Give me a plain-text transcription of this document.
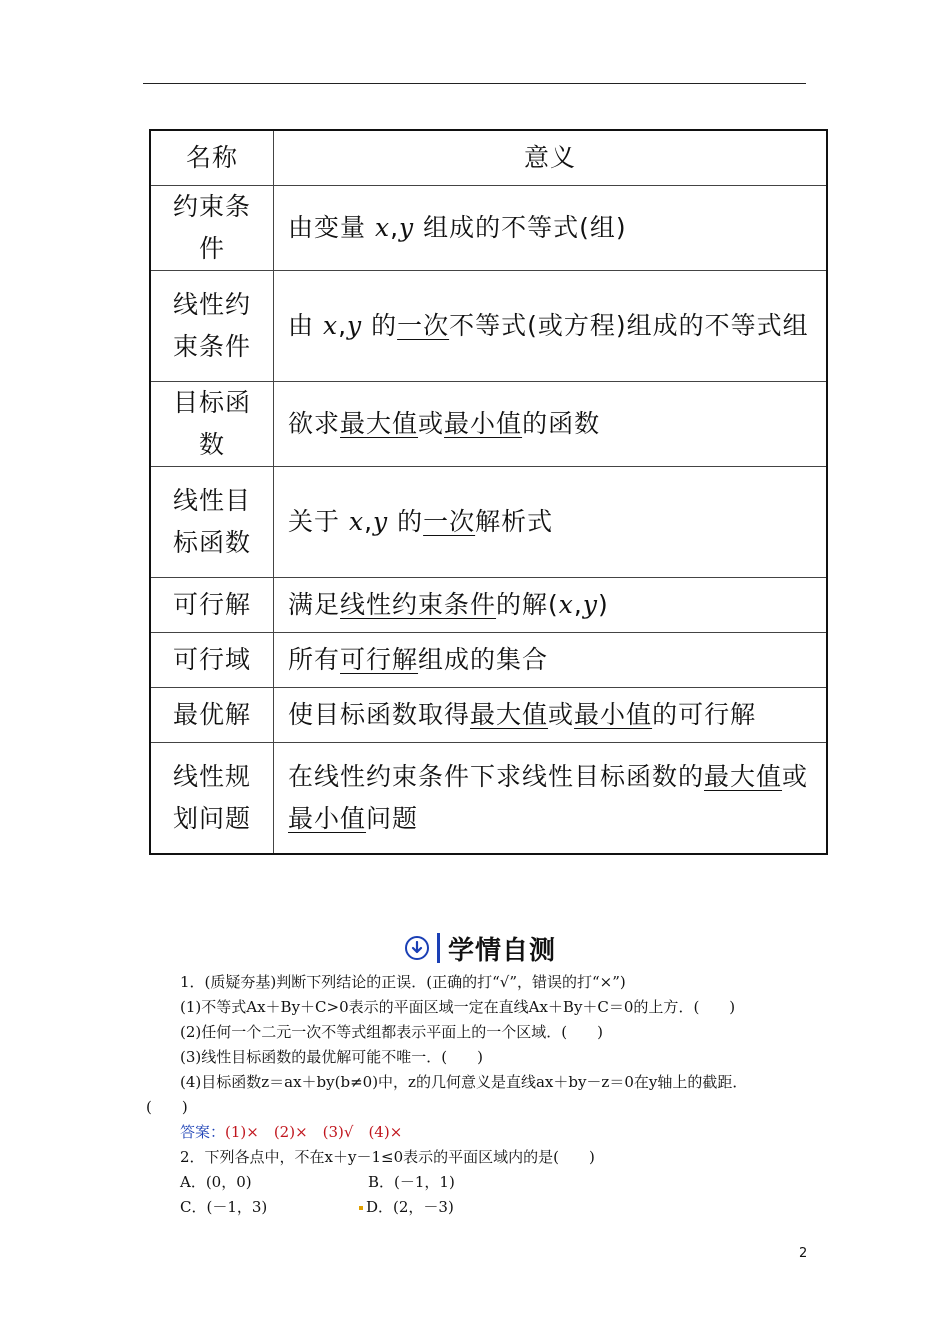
名称	意义
约束条件	由变量 x,y 组成的不等式(组)
线性约束条件	由 x,y 的一次不等式(或方程)组成的不等式组
目标函数	欲求最大值或最小值的函数
线性目标函数	关于 x,y 的一次解析式
可行解	满足线性约束条件的解(x,y)
可行域	所有可行解组成的集合
最优解	使目标函数取得最大值或最小值的可行解
线性规划问题	在线性约束条件下求线性目标函数的最大值或最小值问题
学情自测
1．(质疑夯基)判断下列结论的正误．(正确的打“√”，错误的打“×”)
(1)不等式Ax＋By＋C>0表示的平面区域一定在直线Ax＋By＋C＝0的上方．(　　)
(2)任何一个二元一次不等式组都表示平面上的一个区域．(　　)
(3)线性目标函数的最优解可能不唯一．(　　)
(4)目标函数z＝ax＋by(b≠0)中，z的几何意义是直线ax＋by－z＝0在y轴上的截距．
(　　)
答案：(1)×　(2)×　(3)√　(4)×
2．下列各点中，不在x＋y－1≤0表示的平面区域内的是(　　)
A．(0，0)	B．(－1，1)
C．(－1，3)	D．(2，－3)
2
